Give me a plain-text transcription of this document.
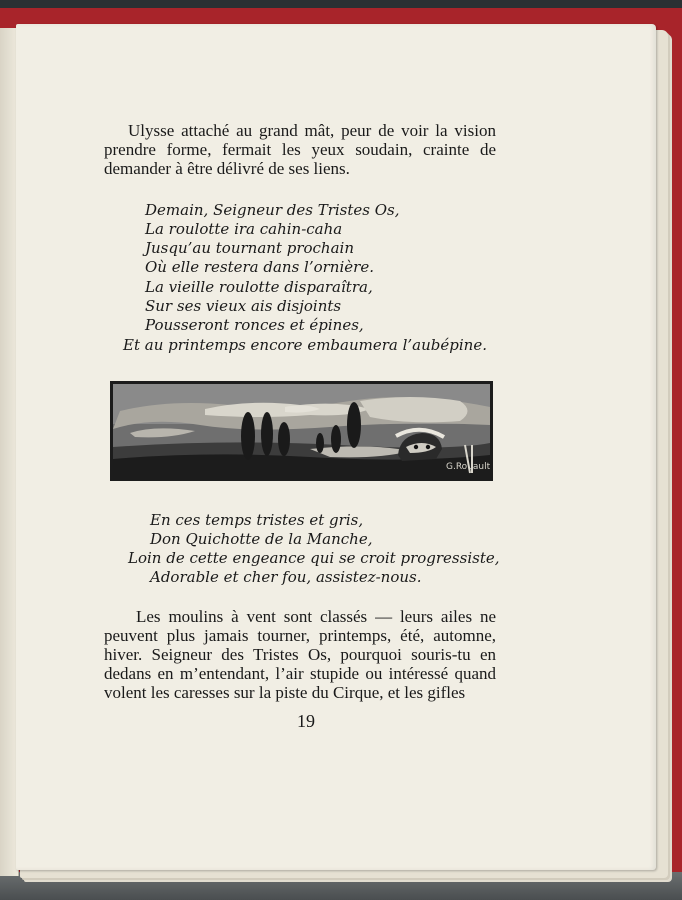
Ulysse attaché au grand mât, peur de voir la vision prendre forme, fermait les yeux soudain, crainte de demander à être délivré de ses liens.
Demain, Seigneur des Tristes Os,
La roulotte ira cahin-caha
Jusqu’au tournant prochain
Où elle restera dans l’ornière.
La vieille roulotte disparaîtra,
Sur ses vieux ais disjoints
Pousseront ronces et épines,
Et au printemps encore embaumera l’aubépine.
G.Rouault
En ces temps tristes et gris,
Don Quichotte de la Manche,
Loin de cette engeance qui se croit progressiste,
Adorable et cher fou, assistez-nous.
Les moulins à vent sont classés — leurs ailes ne peuvent plus jamais tourner, printemps, été, automne, hiver. Seigneur des Tristes Os, pourquoi souris-tu en dedans en m’entendant, l’air stupide ou intéressé quand volent les caresses sur la piste du Cirque, et les gifles
19
